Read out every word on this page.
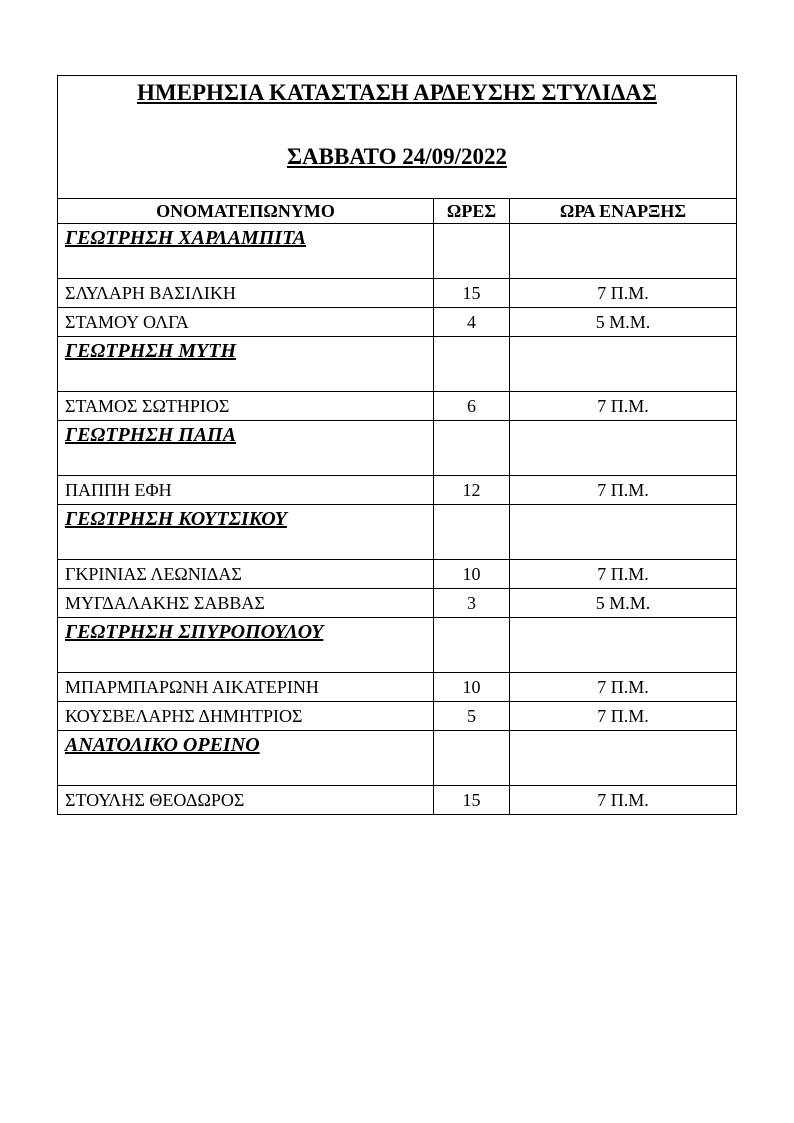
ΗΜΕΡΗΣΙΑ ΚΑΤΑΣΤΑΣΗ ΑΡΔΕΥΣΗΣ ΣΤΥΛΙΔΑΣ
ΣΑΒΒΑΤΟ 24/09/2022		

ΟΝΟΜΑΤΕΠΩΝΥΜΟ	ΩΡΕΣ	ΩΡΑ ΕΝΑΡΞΗΣ

ΓΕΩΤΡΗΣΗ ΧΑΡΛΑΜΠΙΤΑ		

ΣΛΥΛΑΡΗ ΒΑΣΙΛΙΚΗ	15	7 Π.Μ.
ΣΤΑΜΟΥ ΟΛΓΑ	4	5 Μ.Μ.

ΓΕΩΤΡΗΣΗ ΜΥΤΗ		

ΣΤΑΜΟΣ ΣΩΤΗΡΙΟΣ	6	7 Π.Μ.

ΓΕΩΤΡΗΣΗ ΠΑΠΑ		

ΠΑΠΠΗ ΕΦΗ	12	7 Π.Μ.

ΓΕΩΤΡΗΣΗ ΚΟΥΤΣΙΚΟΥ		

ΓΚΡΙΝΙΑΣ ΛΕΩΝΙΔΑΣ	10	7 Π.Μ.
ΜΥΓΔΑΛΑΚΗΣ ΣΑΒΒΑΣ	3	5 Μ.Μ.

ΓΕΩΤΡΗΣΗ ΣΠΥΡΟΠΟΥΛΟΥ		

ΜΠΑΡΜΠΑΡΩΝΗ ΑΙΚΑΤΕΡΙΝΗ	10	7 Π.Μ.
ΚΟΥΣΒΕΛΑΡΗΣ ΔΗΜΗΤΡΙΟΣ	5	7 Π.Μ.

ΑΝΑΤΟΛΙΚΟ ΟΡΕΙΝΟ		

ΣΤΟΥΛΗΣ ΘΕΟΔΩΡΟΣ	15	7 Π.Μ.
